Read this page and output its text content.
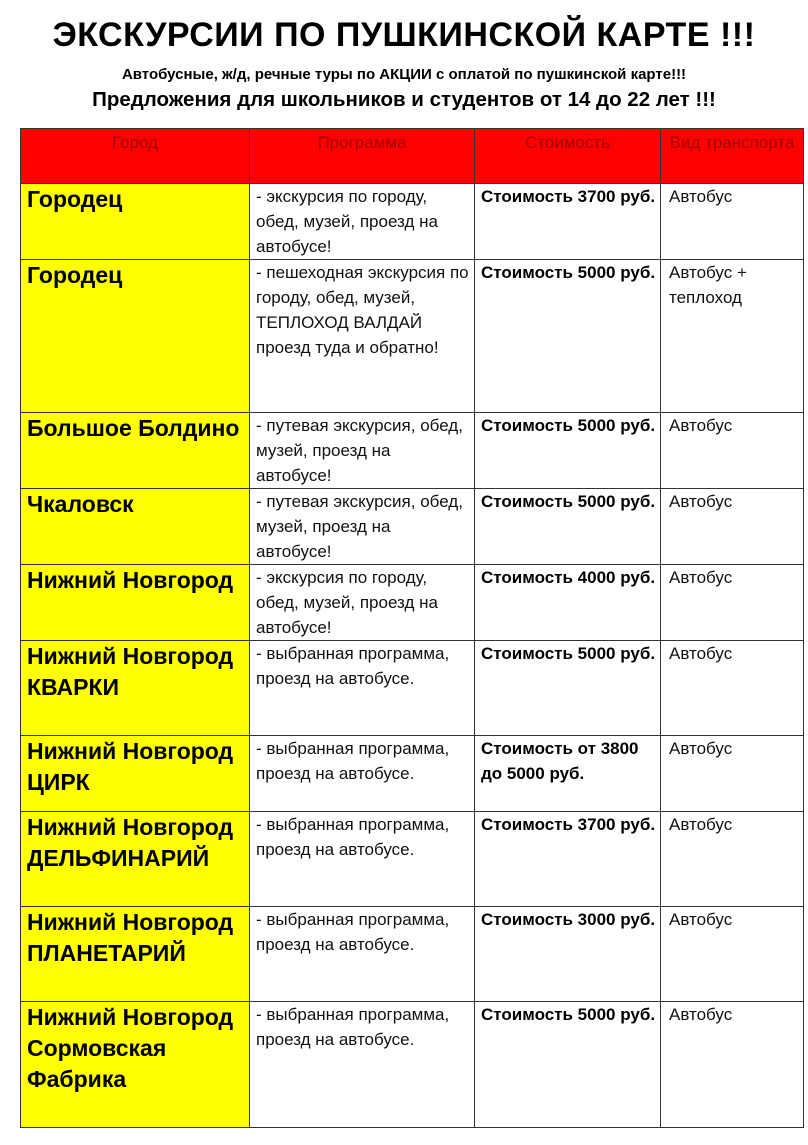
ЭКСКУРСИИ ПО ПУШКИНСКОЙ КАРТЕ !!!
Автобусные, ж/д, речные туры по АКЦИИ с оплатой по пушкинской карте!!!
Предложения для школьников и студентов от 14 до 22 лет !!!
Город	Программа	Стоимость	Вид транспорта
Городец	- экскурсия по городу, обед, музей, проезд на автобусе!	Стоимость 3700 руб.	Автобус
Городец	- пешеходная экскурсия по городу, обед, музей, ТЕПЛОХОД ВАЛДАЙ проезд туда и обратно!	Стоимость 5000 руб.	Автобус + теплоход
Большое Болдино	- путевая экскурсия, обед, музей, проезд на автобусе!	Стоимость 5000 руб.	Автобус
Чкаловск	- путевая экскурсия, обед, музей, проезд на автобусе!	Стоимость 5000 руб.	Автобус
Нижний Новгород	- экскурсия по городу, обед, музей, проезд на автобусе!	Стоимость 4000 руб.	Автобус
Нижний Новгород КВАРКИ	- выбранная программа, проезд на автобусе.	Стоимость 5000 руб.	Автобус
Нижний Новгород ЦИРК	- выбранная программа, проезд на автобусе.	Стоимость от 3800 до 5000 руб.	Автобус
Нижний Новгород ДЕЛЬФИНАРИЙ	- выбранная программа, проезд на автобусе.	Стоимость 3700 руб.	Автобус
Нижний Новгород ПЛАНЕТАРИЙ	- выбранная программа, проезд на автобусе.	Стоимость 3000 руб.	Автобус
Нижний Новгород Сормовская Фабрика	- выбранная программа, проезд на автобусе.	Стоимость 5000 руб.	Автобус
